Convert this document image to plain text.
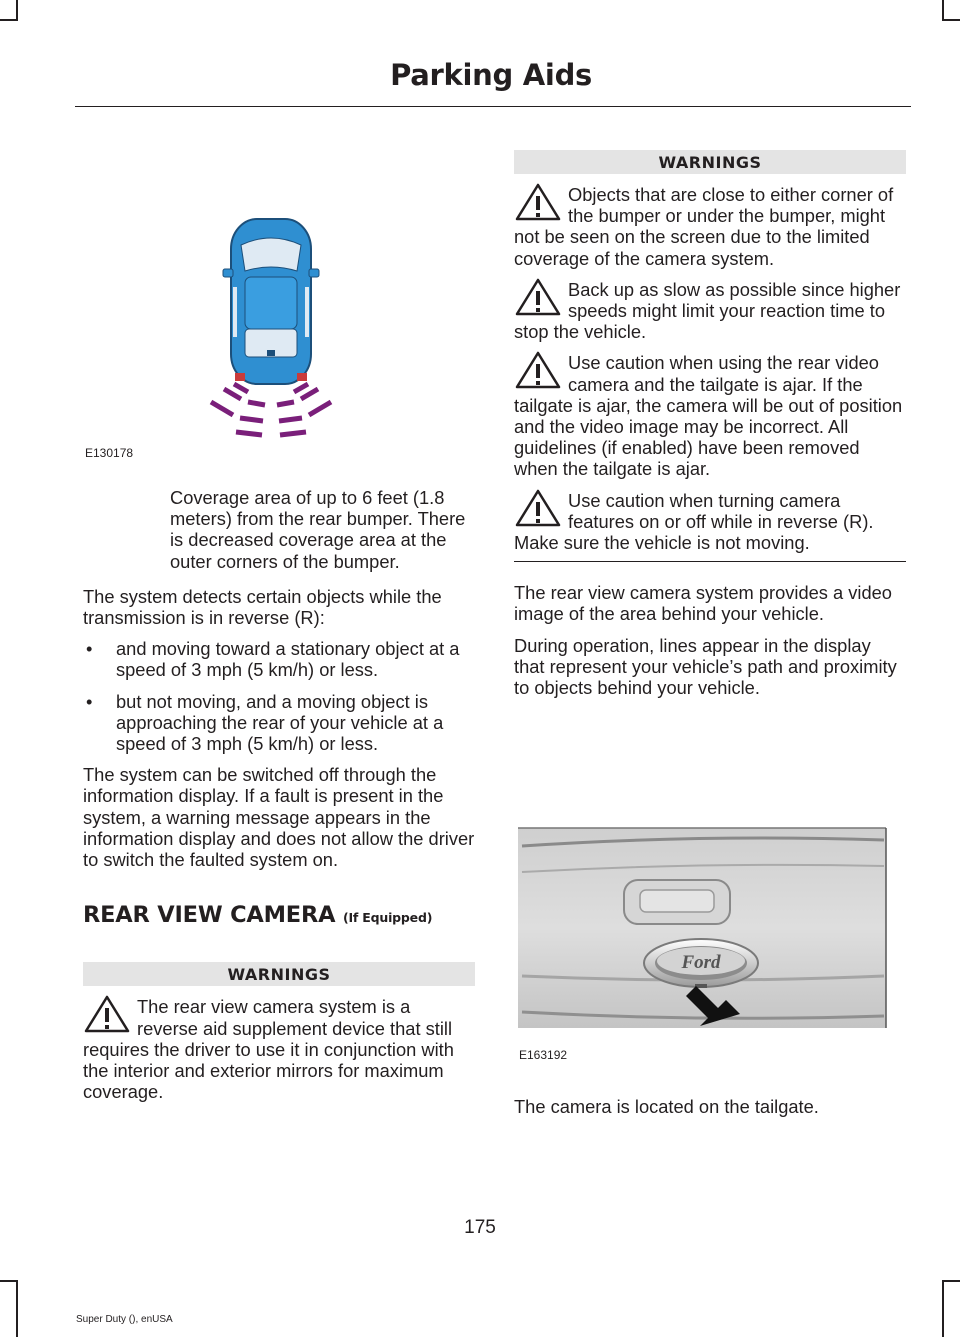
Parking Aids
E130178

Coverage area of up to 6 feet (1.8 meters) from the rear bumper. There is decreased coverage area at the outer corners of the bumper.

The system detects certain objects while the transmission is in reverse (R):

• and moving toward a stationary object at a speed of 3 mph (5 km/h) or less.
• but not moving, and a moving object is approaching the rear of your vehicle at a speed of 3 mph (5 km/h) or less.

The system can be switched off through the information display. If a fault is present in the system, a warning message appears in the information display and does not allow the driver to switch the faulted system on.

REAR VIEW CAMERA (If Equipped)
WARNINGS

The rear view camera system is a reverse aid supplement device that still requires the driver to use it in conjunction with the interior and exterior mirrors for maximum coverage.

WARNINGS

Objects that are close to either corner of the bumper or under the bumper, might not be seen on the screen due to the limited coverage of the camera system.

Back up as slow as possible since higher speeds might limit your reaction time to stop the vehicle.

Use caution when using the rear video camera and the tailgate is ajar. If the tailgate is ajar, the camera will be out of position and the video image may be incorrect. All guidelines (if enabled) have been removed when the tailgate is ajar.

Use caution when turning camera features on or off while in reverse (R). Make sure the vehicle is not moving.

The rear view camera system provides a video image of the area behind your vehicle.

During operation, lines appear in the display that represent your vehicle’s path and proximity to objects behind your vehicle.

Ford
E163192

The camera is located on the tailgate.

175

Super Duty (), enUSA
